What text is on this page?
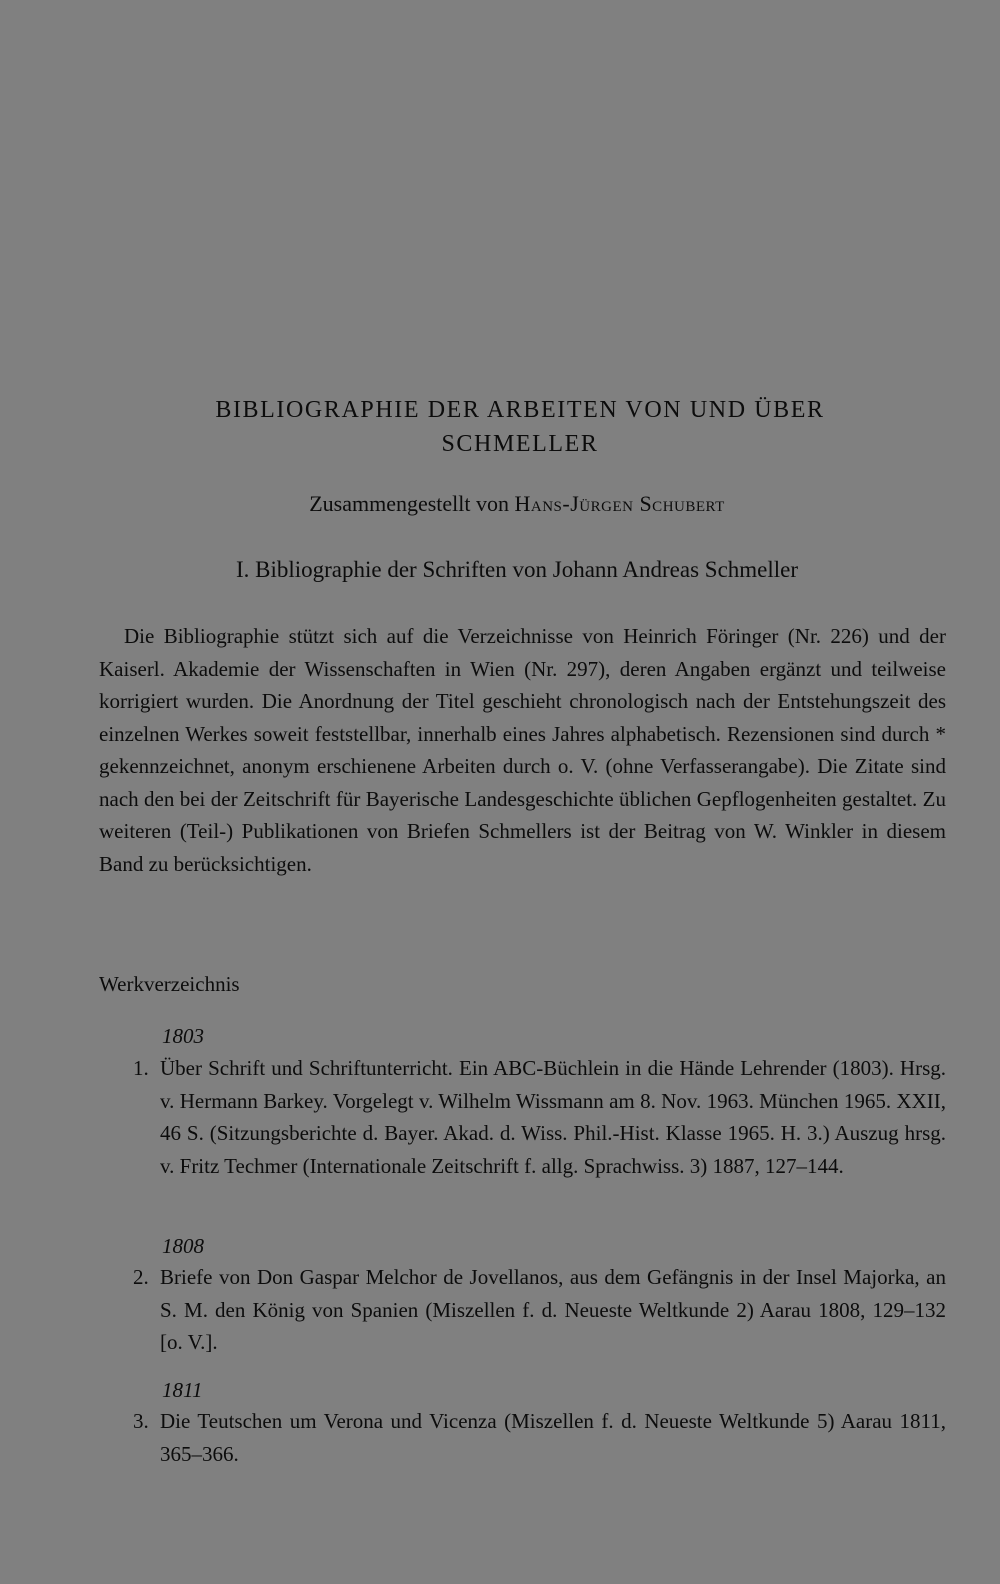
BIBLIOGRAPHIE DER ARBEITEN VON UND ÜBER
SCHMELLER
Zusammengestellt von Hans-Jürgen Schubert
I. Bibliographie der Schriften von Johann Andreas Schmeller

Die Bibliographie stützt sich auf die Verzeichnisse von Heinrich Föringer (Nr. 226) und der Kaiserl. Akademie der Wissenschaften in Wien (Nr. 297), deren Angaben ergänzt und teilweise korrigiert wurden. Die Anordnung der Titel geschieht chronologisch nach der Entstehungszeit des einzelnen Werkes soweit feststellbar, innerhalb eines Jahres alphabetisch. Rezensionen sind durch * gekennzeichnet, anonym erschienene Arbeiten durch o. V. (ohne Verfasserangabe). Die Zitate sind nach den bei der Zeitschrift für Bayerische Landesgeschichte üblichen Gepflogenheiten gestaltet. Zu weiteren (Teil-) Publikationen von Briefen Schmellers ist der Beitrag von W. Winkler in diesem Band zu berücksichtigen.

Werkverzeichnis
1803
1. Über Schrift und Schriftunterricht. Ein ABC-Büchlein in die Hände Lehrender (1803). Hrsg. v. Hermann Barkey. Vorgelegt v. Wilhelm Wissmann am 8. Nov. 1963. München 1965. XXII, 46 S. (Sitzungsberichte d. Bayer. Akad. d. Wiss. Phil.-Hist. Klasse 1965. H. 3.) Auszug hrsg. v. Fritz Techmer (Internationale Zeitschrift f. allg. Sprachwiss. 3) 1887, 127–144.
1808
2. Briefe von Don Gaspar Melchor de Jovellanos, aus dem Gefängnis in der Insel Majorka, an S. M. den König von Spanien (Miszellen f. d. Neueste Weltkunde 2) Aarau 1808, 129–132 [o. V.].
1811
3. Die Teutschen um Verona und Vicenza (Miszellen f. d. Neueste Weltkunde 5) Aarau 1811, 365–366.
